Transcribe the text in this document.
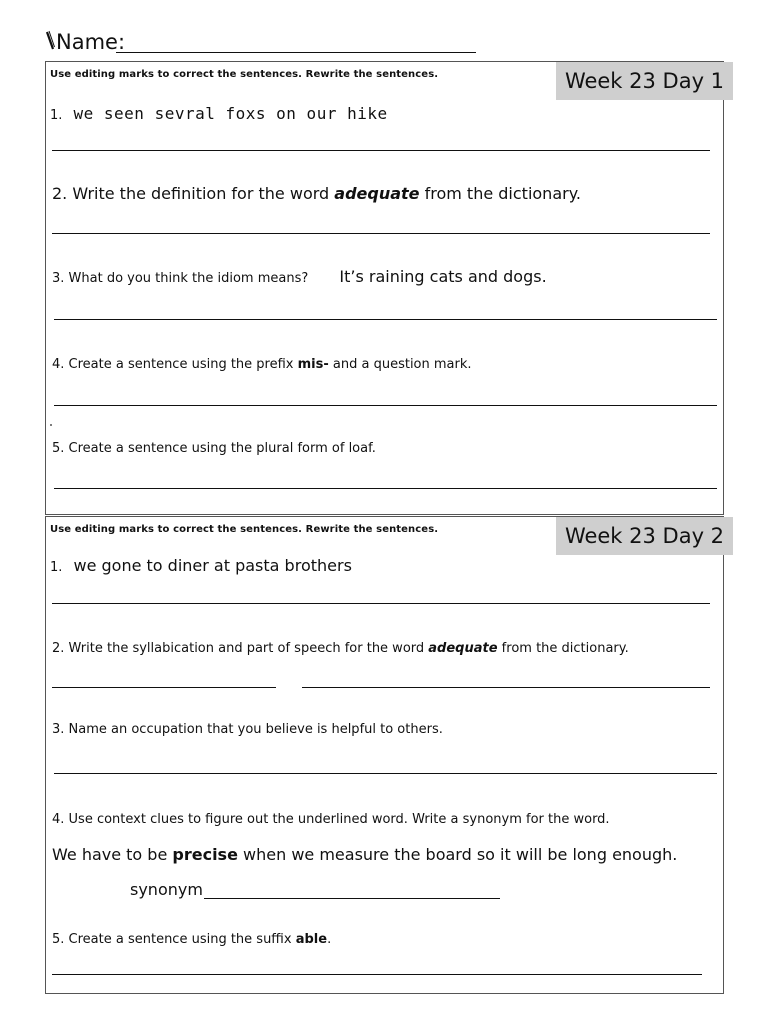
Name:
Use editing marks to correct the sentences. Rewrite the sentences.	Week 23 Day 1
1. we seen sevral foxs on our hike
2. Write the definition for the word adequate from the dictionary.
3. What do you think the idiom means? It’s raining cats and dogs.
4. Create a sentence using the prefix mis- and a question mark.
5. Create a sentence using the plural form of loaf.
Use editing marks to correct the sentences. Rewrite the sentences.	Week 23 Day 2
1. we gone to diner at pasta brothers
2. Write the syllabication and part of speech for the word adequate from the dictionary.
3. Name an occupation that you believe is helpful to others.
4. Use context clues to figure out the underlined word. Write a synonym for the word.
We have to be precise when we measure the board so it will be long enough.
synonym
5. Create a sentence using the suffix able.
